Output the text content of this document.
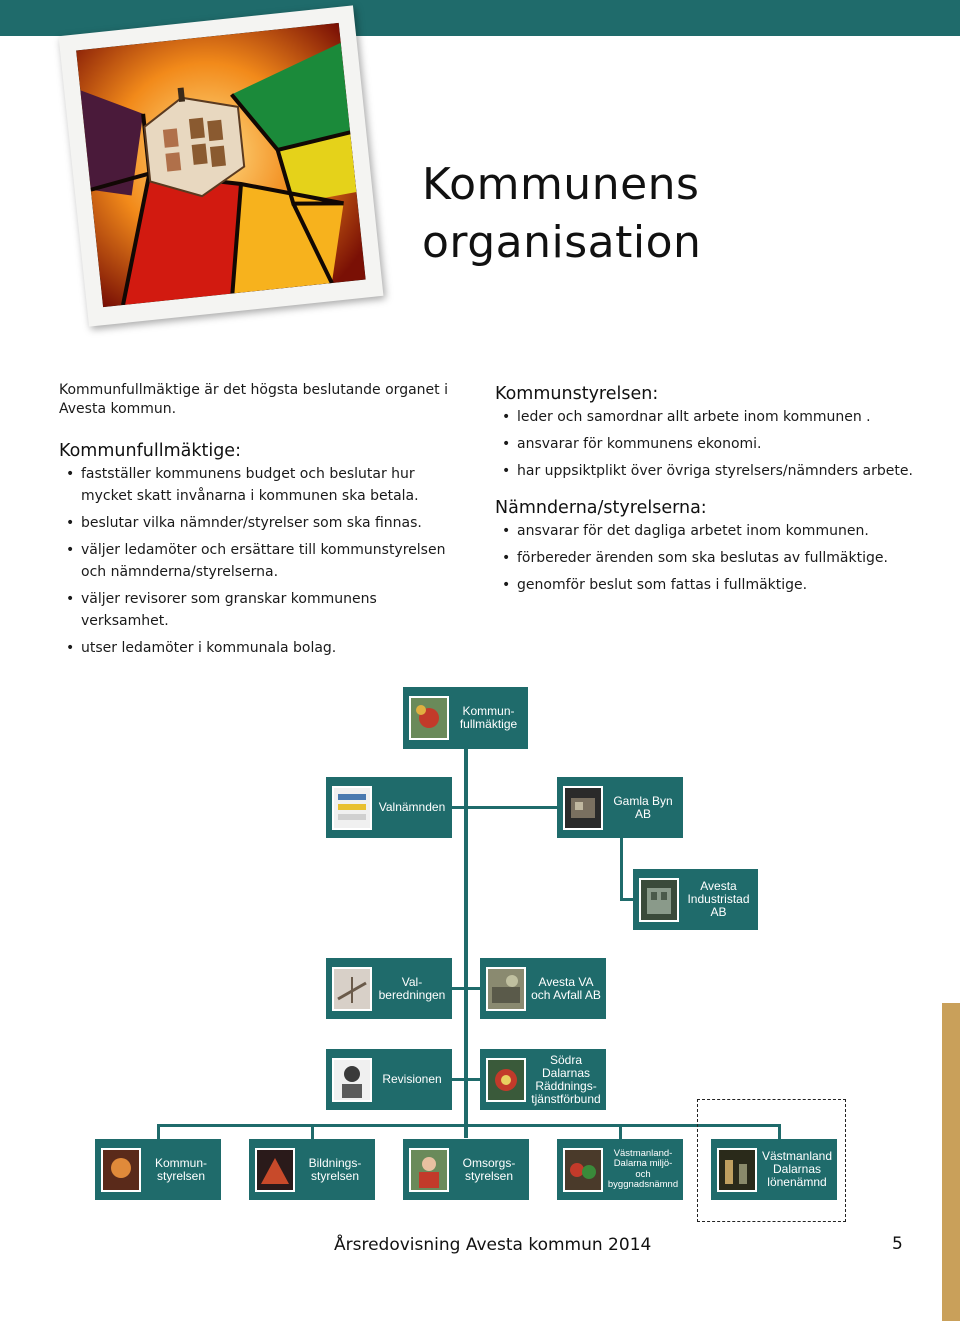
Kommunens
organisation

Kommunfullmäktige är det högsta beslutande organet i Avesta kommun.

Kommunfullmäktige:
• fastställer kommunens budget och beslutar hur mycket skatt invånarna i kommunen ska betala.
• beslutar vilka nämnder/styrelser som ska finnas.
• väljer ledamöter och ersättare till kommunstyrelsen och nämnderna/styrelserna.
• väljer revisorer som granskar kommunens verksamhet.
• utser ledamöter i kommunala bolag.
Kommunstyrelsen:
• leder och samordnar allt arbete inom kommunen .
• ansvarar för kommunens ekonomi.
• har uppsiktplikt över övriga styrelsers/nämnders arbete.
Nämnderna/styrelserna:
• ansvarar för det dagliga arbetet inom kommunen.
• förbereder ärenden som ska beslutas av fullmäktige.
• genomför beslut som fattas i fullmäktige.
Kommun-
fullmäktige
Valnämnden	Gamla Byn
AB
Avesta
Industristad
AB
Val-
beredningen
Avesta VA
och Avfall AB
Revisionen
Södra
Dalarnas
Räddnings-
tjänstförbund
Kommun-
styrelsen
Bildnings-
styrelsen
Omsorgs-
styrelsen
Västmanland-
Dalarna miljö-
och
byggnadsnämnd
Västmanland
Dalarnas
lönenämnd
Årsredovisning Avesta kommun 2014	5
